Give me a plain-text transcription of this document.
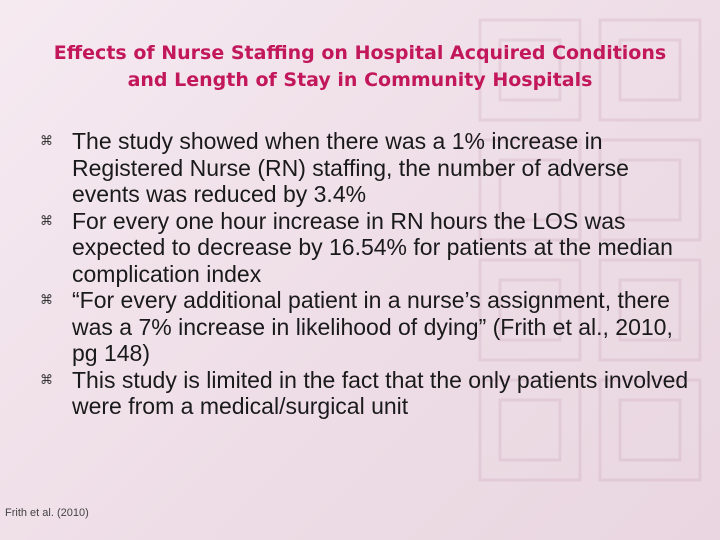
Effects of Nurse Staffing on Hospital Acquired Conditions
and Length of Stay in Community Hospitals
⌘ The study showed when there was a 1% increase in Registered Nurse (RN) staffing, the number of adverse events was reduced by 3.4%
⌘ For every one hour increase in RN hours the LOS was expected to decrease by 16.54% for patients at the median complication index
⌘ “For every additional patient in a nurse’s assignment, there was a 7% increase in likelihood of dying” (Frith et al., 2010, pg 148)
⌘ This study is limited in the fact that the only patients involved were from a medical/surgical unit
Frith et al. (2010)
